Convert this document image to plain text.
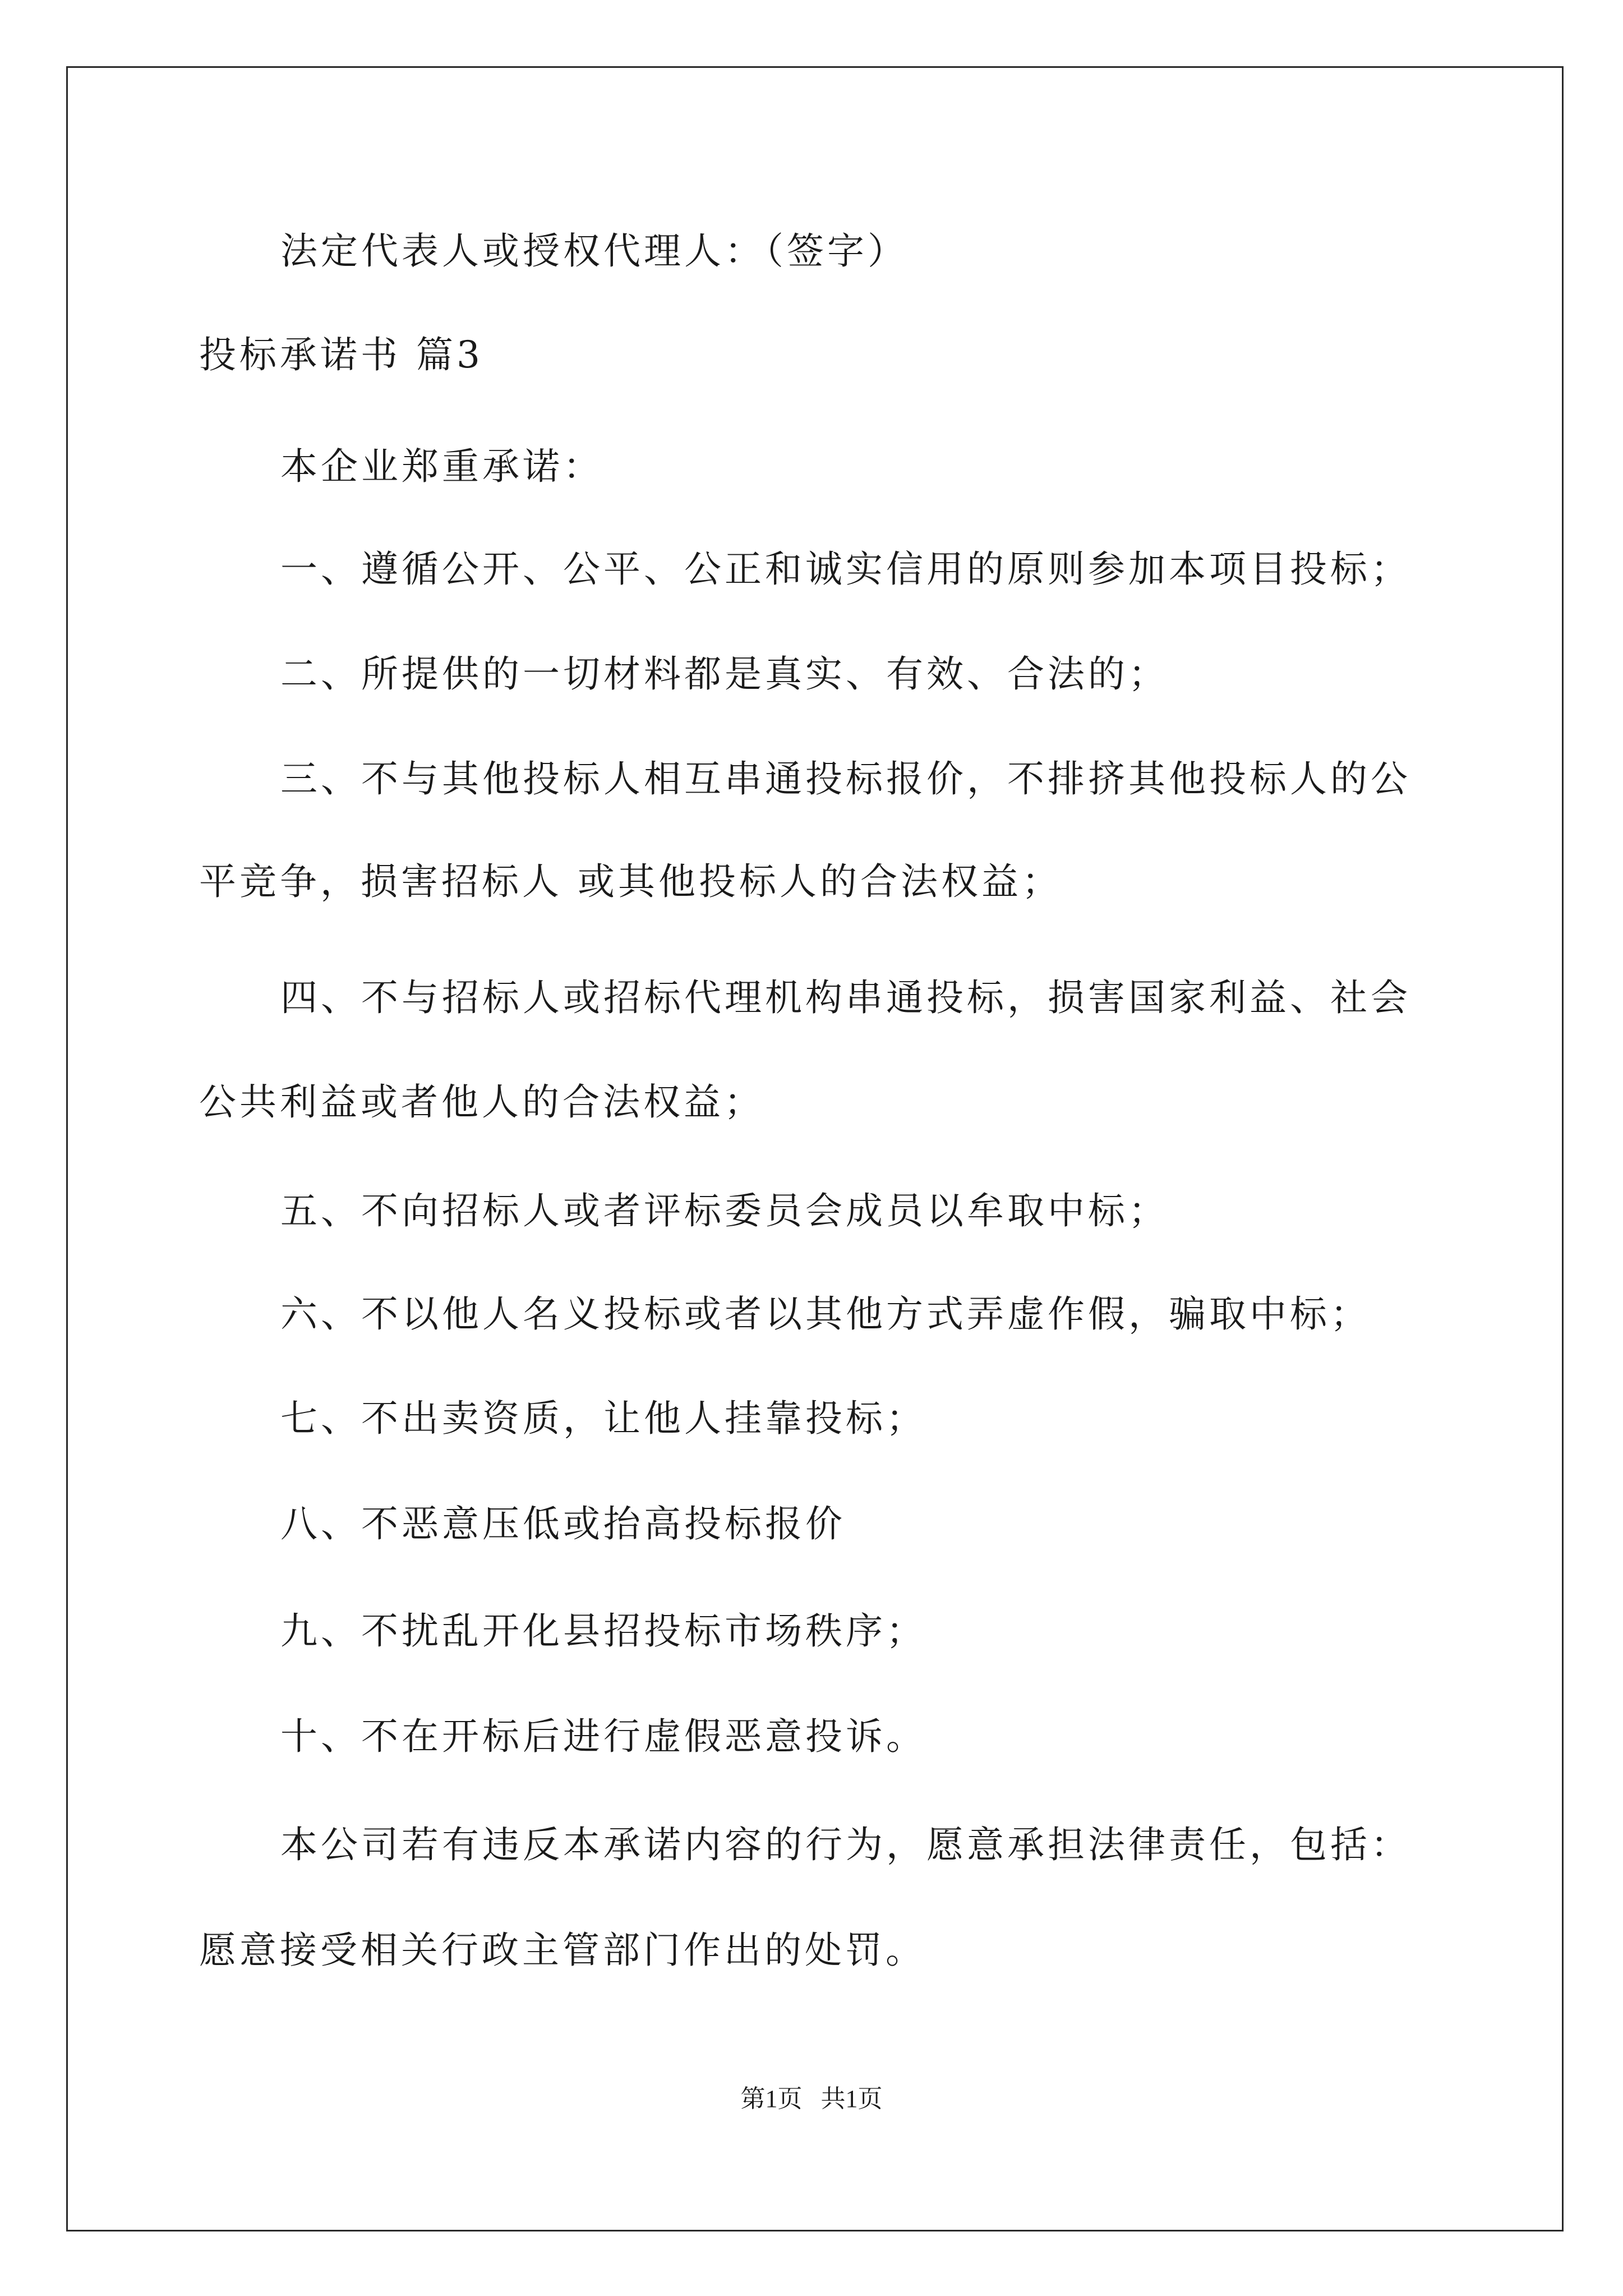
法定代表人或授权代理人：（签字）
投标承诺书 篇3
本企业郑重承诺：
一、遵循公开、公平、公正和诚实信用的原则参加本项目投标；
二、所提供的一切材料都是真实、有效、合法的；
三、不与其他投标人相互串通投标报价，不排挤其他投标人的公
平竞争，损害招标人 或其他投标人的合法权益；
四、不与招标人或招标代理机构串通投标，损害国家利益、社会
公共利益或者他人的合法权益；
五、不向招标人或者评标委员会成员以牟取中标；
六、不以他人名义投标或者以其他方式弄虚作假，骗取中标；
七、不出卖资质，让他人挂靠投标；
八、不恶意压低或抬高投标报价
九、不扰乱开化县招投标市场秩序；
十、不在开标后进行虚假恶意投诉。
本公司若有违反本承诺内容的行为，愿意承担法律责任，包括：
愿意接受相关行政主管部门作出的处罚。
第1页   共1页
